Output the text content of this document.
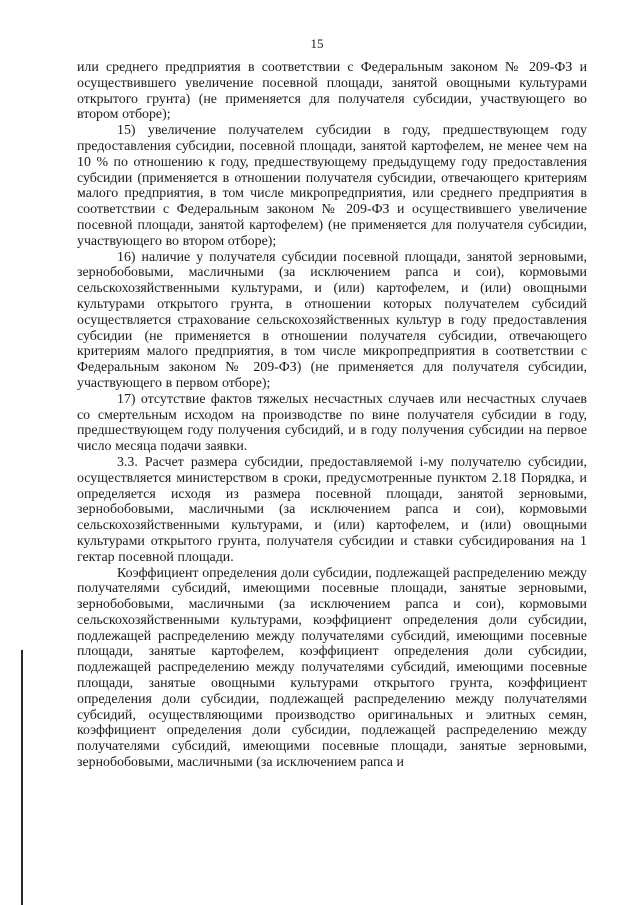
15

или среднего предприятия в соответствии с Федеральным законом № 209-ФЗ и осуществившего увеличение посевной площади, занятой овощными культурами открытого грунта) (не применяется для получателя субсидии, участвующего во втором отборе);

15) увеличение получателем субсидии в году, предшествующем году предоставления субсидии, посевной площади, занятой картофелем, не менее чем на 10 % по отношению к году, предшествующему предыдущему году предоставления субсидии (применяется в отношении получателя субсидии, отвечающего критериям малого предприятия, в том числе микропредприятия, или среднего предприятия в соответствии с Федеральным законом № 209-ФЗ и осуществившего увеличение посевной площади, занятой картофелем) (не применяется для получателя субсидии, участвующего во втором отборе);

16) наличие у получателя субсидии посевной площади, занятой зерновыми, зернобобовыми, масличными (за исключением рапса и сои), кормовыми сельскохозяйственными культурами, и (или) картофелем, и (или) овощными культурами открытого грунта, в отношении которых получателем субсидий осуществляется страхование сельскохозяйственных культур в году предоставления субсидии (не применяется в отношении получателя субсидии, отвечающего критериям малого предприятия, в том числе микропредприятия в соответствии с Федеральным законом № 209-ФЗ) (не применяется для получателя субсидии, участвующего в первом отборе);

17) отсутствие фактов тяжелых несчастных случаев или несчастных случаев со смертельным исходом на производстве по вине получателя субсидии в году, предшествующем году получения субсидий, и в году получения субсидии на первое число месяца подачи заявки.

3.3. Расчет размера субсидии, предоставляемой i-му получателю субсидии, осуществляется министерством в сроки, предусмотренные пунктом 2.18 Порядка, и определяется исходя из размера посевной площади, занятой зерновыми, зернобобовыми, масличными (за исключением рапса и сои), кормовыми сельскохозяйственными культурами, и (или) картофелем, и (или) овощными культурами открытого грунта, получателя субсидии и ставки субсидирования на 1 гектар посевной площади.

Коэффициент определения доли субсидии, подлежащей распределению между получателями субсидий, имеющими посевные площади, занятые зерновыми, зернобобовыми, масличными (за исключением рапса и сои), кормовыми сельскохозяйственными культурами, коэффициент определения доли субсидии, подлежащей распределению между получателями субсидий, имеющими посевные площади, занятые картофелем, коэффициент определения доли субсидии, подлежащей распределению между получателями субсидий, имеющими посевные площади, занятые овощными культурами открытого грунта, коэффициент определения доли субсидии, подлежащей распределению между получателями субсидий, осуществляющими производство оригинальных и элитных семян, коэффициент определения доли субсидии, подлежащей распределению между получателями субсидий, имеющими посевные площади, занятые зерновыми, зернобобовыми, масличными (за исключением рапса и
